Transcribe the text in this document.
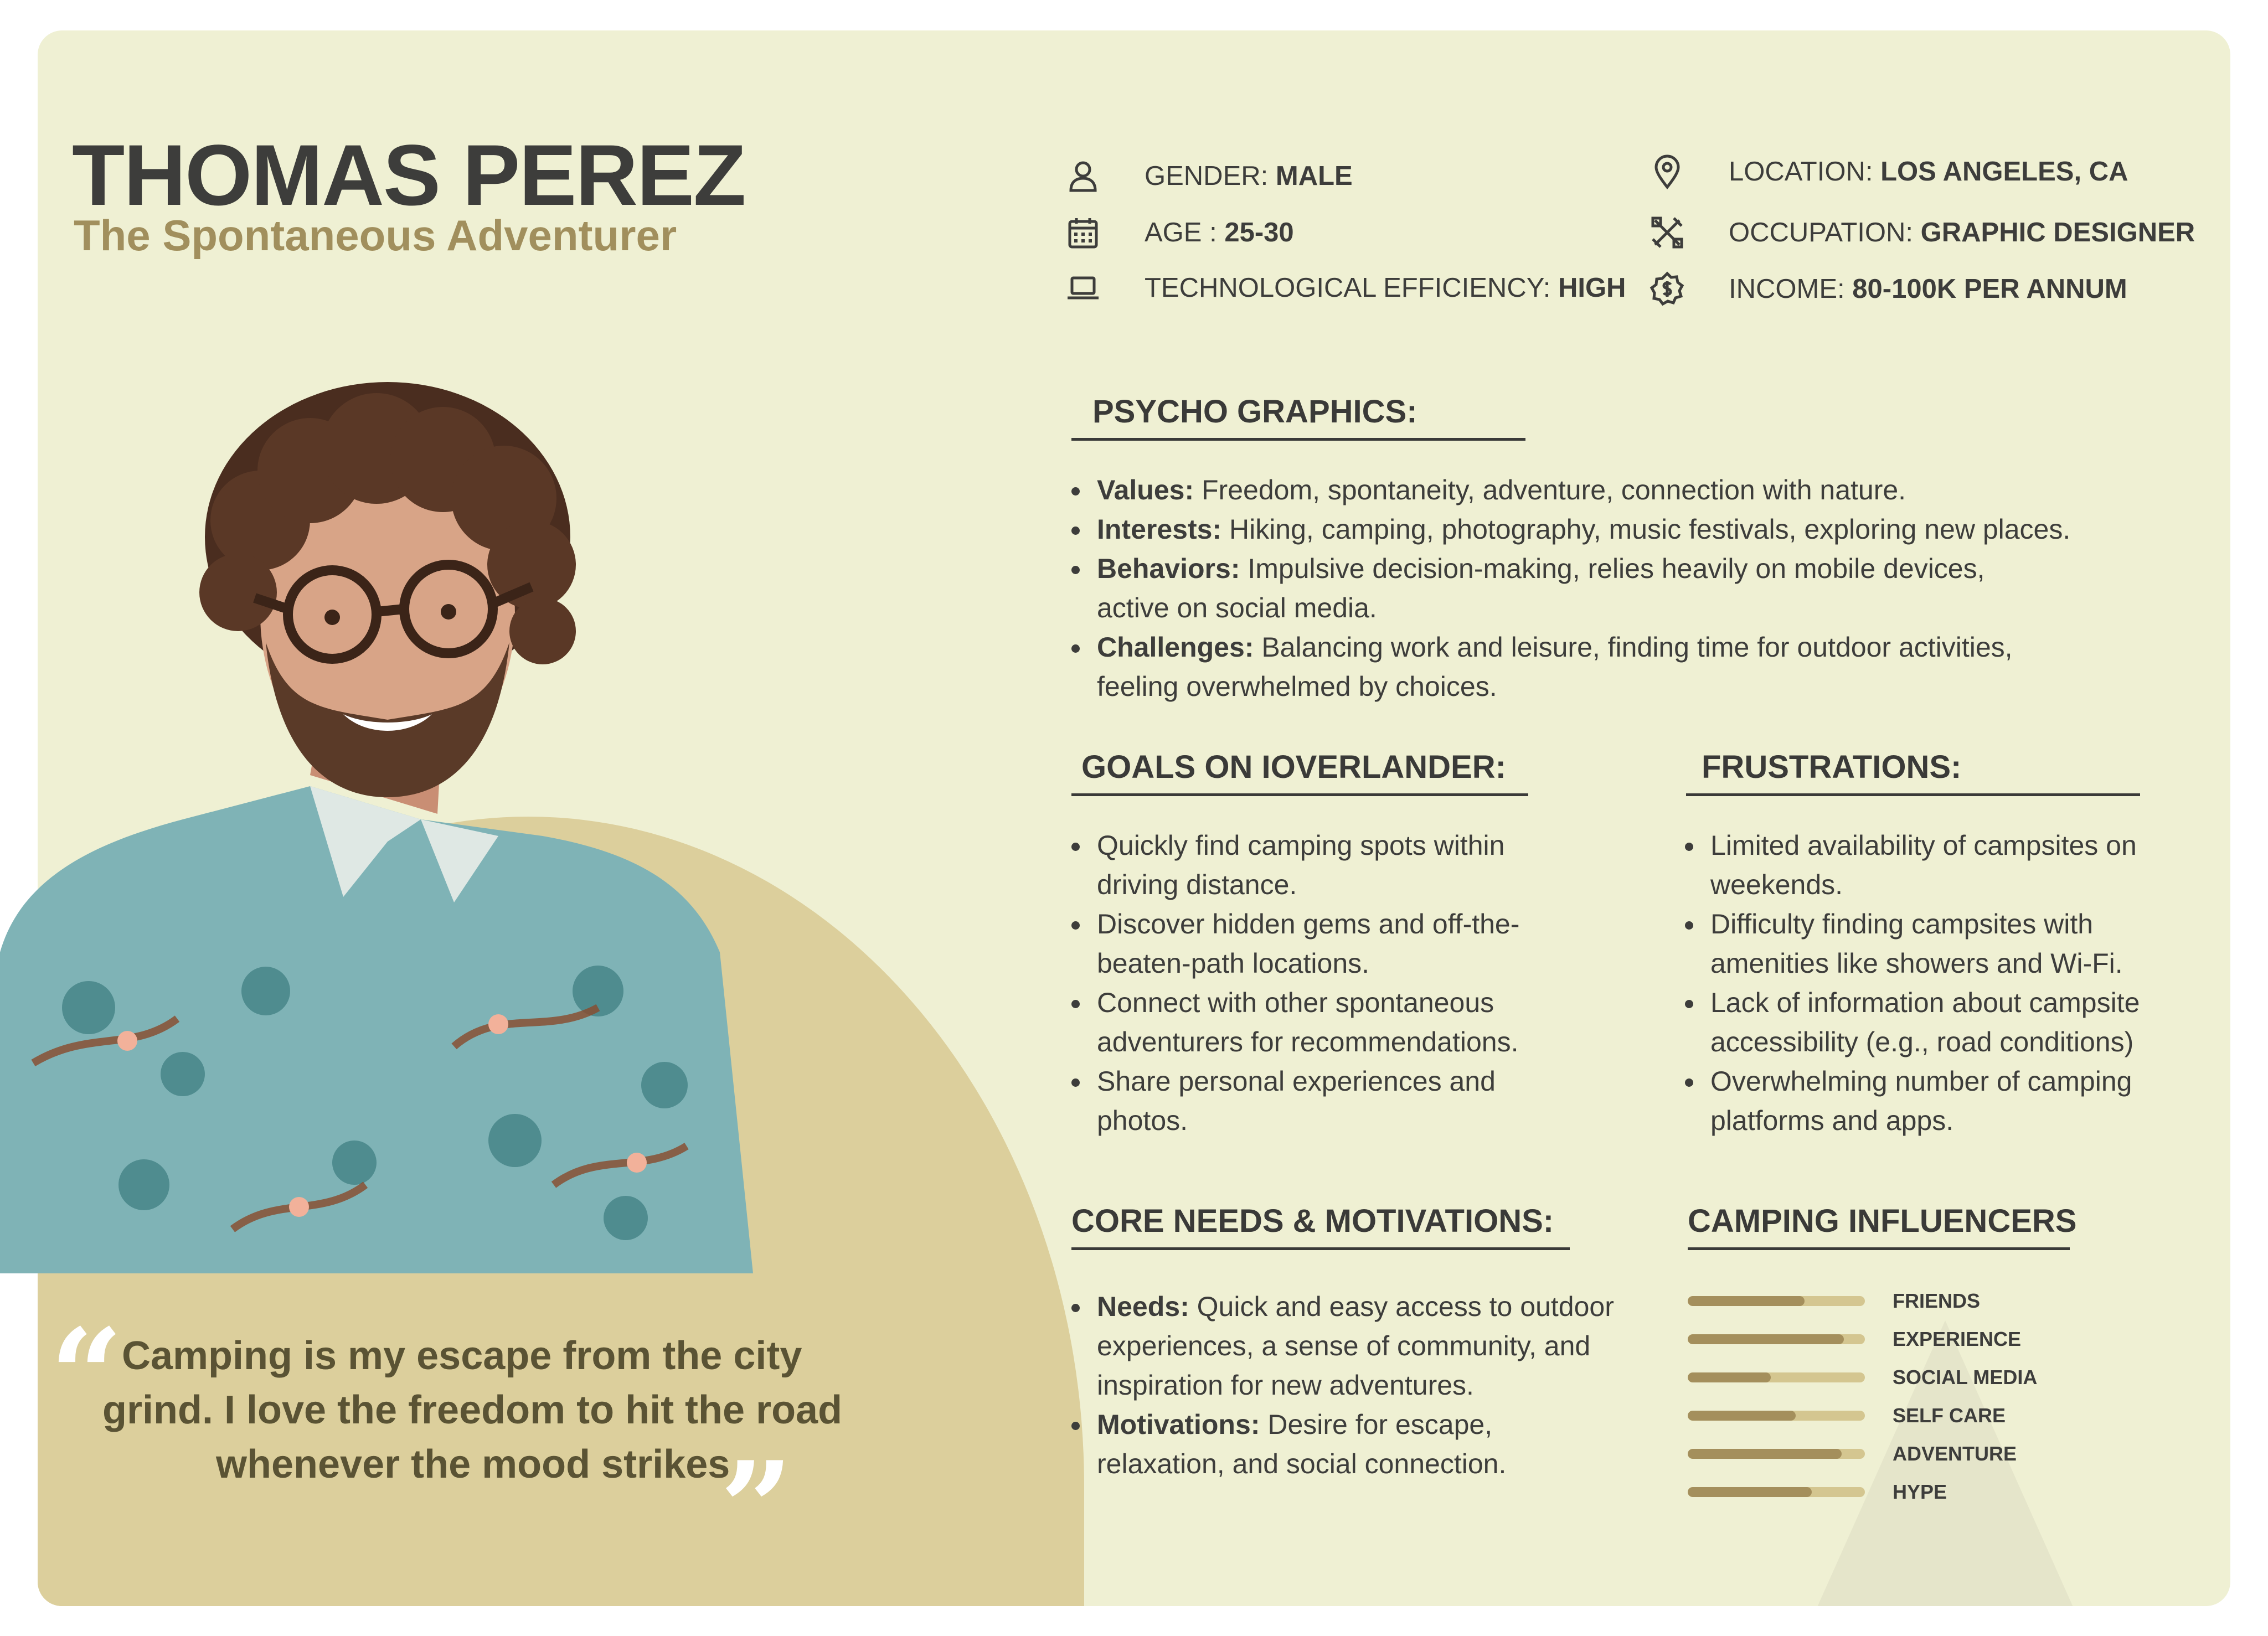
THOMAS PEREZ
The Spontaneous Adventurer
“
Camping is my escape from the city
grind. I love the freedom to hit the road
whenever the mood strikes
”
GENDER: MALE
AGE : 25-30
TECHNOLOGICAL EFFICIENCY: HIGH
LOCATION: LOS ANGELES, CA
OCCUPATION: GRAPHIC DESIGNER
INCOME: 80-100K PER ANNUM
PSYCHO GRAPHICS:
Values: Freedom, spontaneity, adventure, connection with nature.
Interests: Hiking, camping, photography, music festivals, exploring new places.
Behaviors: Impulsive decision-making, relies heavily on mobile devices, active on social media.
Challenges: Balancing work and leisure, finding time for outdoor activities, feeling overwhelmed by choices.
GOALS ON IOVERLANDER:
Quickly find camping spots within driving distance.
Discover hidden gems and off-the-beaten-path locations.
Connect with other spontaneous adventurers for recommendations.
Share personal experiences and photos.
FRUSTRATIONS:
Limited availability of campsites on weekends.
Difficulty finding campsites with amenities like showers and Wi-Fi.
Lack of information about campsite accessibility (e.g., road conditions)
Overwhelming number of camping platforms and apps.
CORE NEEDS & MOTIVATIONS:
Needs: Quick and easy access to outdoor experiences, a sense of community, and inspiration for new adventures.
Motivations: Desire for escape, relaxation, and social connection.
CAMPING INFLUENCERS
FRIENDS
EXPERIENCE
SOCIAL MEDIA
SELF CARE
ADVENTURE
HYPE
